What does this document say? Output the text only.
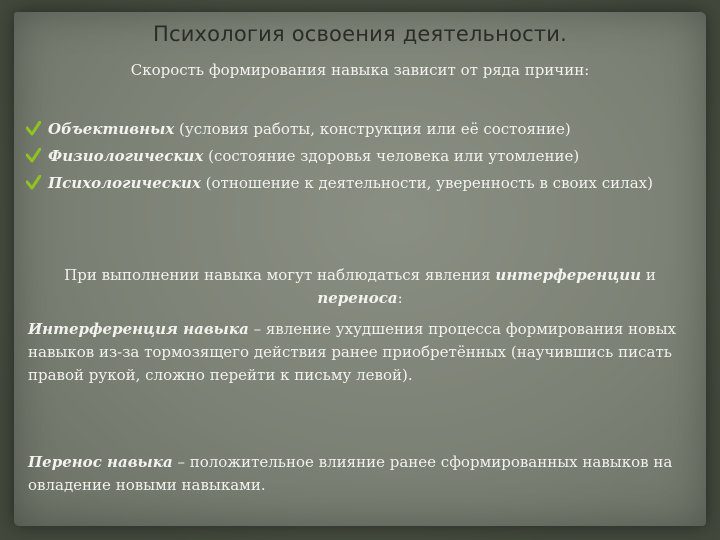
Психология освоения деятельности.
Скорость формирования навыка зависит от ряда причин:
Объективных (условия работы, конструкция или её состояние)
Физиологических (состояние здоровья человека или утомление)
Психологических (отношение к деятельности, уверенность в своих силах)
При выполнении навыка могут наблюдаться явления интерференции и переноса:
Интерференция навыка – явление ухудшения процесса формирования новых навыков из-за тормозящего действия ранее приобретённых (научившись писать правой рукой, сложно перейти к письму левой).
Перенос навыка – положительное влияние ранее сформированных навыков на овладение новыми навыками.
